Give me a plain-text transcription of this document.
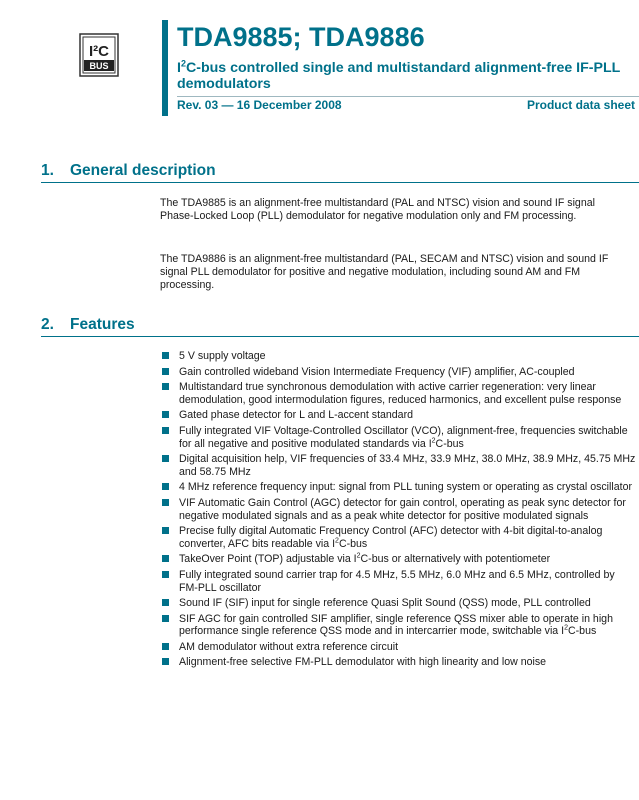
I²C
BUS
TDA9885; TDA9886

$I^2C$-bus controlled single and multistandard alignment-free IF-PLL demodulators

Rev. 03 — 16 December 2008	Product data sheet
1. General description

The TDA9885 is an alignment-free multistandard (PAL and NTSC) vision and sound IF signal Phase-Locked Loop (PLL) demodulator for negative modulation only and FM processing.

The TDA9886 is an alignment-free multistandard (PAL, SECAM and NTSC) vision and sound IF signal PLL demodulator for positive and negative modulation, including sound AM and FM processing.

2. Features
5 V supply voltage
Gain controlled wideband Vision Intermediate Frequency (VIF) amplifier, AC-coupled
Multistandard true synchronous demodulation with active carrier regeneration: very linear demodulation, good intermodulation figures, reduced harmonics, and excellent pulse response
Gated phase detector for L and L-accent standard
Fully integrated VIF Voltage-Controlled Oscillator (VCO), alignment-free, frequencies switchable for all negative and positive modulated standards via $I^2C$-bus
Digital acquisition help, VIF frequencies of 33.4 MHz, 33.9 MHz, 38.0 MHz, 38.9 MHz, 45.75 MHz and 58.75 MHz
4 MHz reference frequency input: signal from PLL tuning system or operating as crystal oscillator
VIF Automatic Gain Control (AGC) detector for gain control, operating as peak sync detector for negative modulated signals and as a peak white detector for positive modulated signals
Precise fully digital Automatic Frequency Control (AFC) detector with 4-bit digital-to-analog converter, AFC bits readable via $I^2C$-bus
TakeOver Point (TOP) adjustable via $I^2C$-bus or alternatively with potentiometer
Fully integrated sound carrier trap for 4.5 MHz, 5.5 MHz, 6.0 MHz and 6.5 MHz, controlled by FM-PLL oscillator
Sound IF (SIF) input for single reference Quasi Split Sound (QSS) mode, PLL controlled
SIF AGC for gain controlled SIF amplifier, single reference QSS mixer able to operate in high performance single reference QSS mode and in intercarrier mode, switchable via $I^2C$-bus
AM demodulator without extra reference circuit
Alignment-free selective FM-PLL demodulator with high linearity and low noise
